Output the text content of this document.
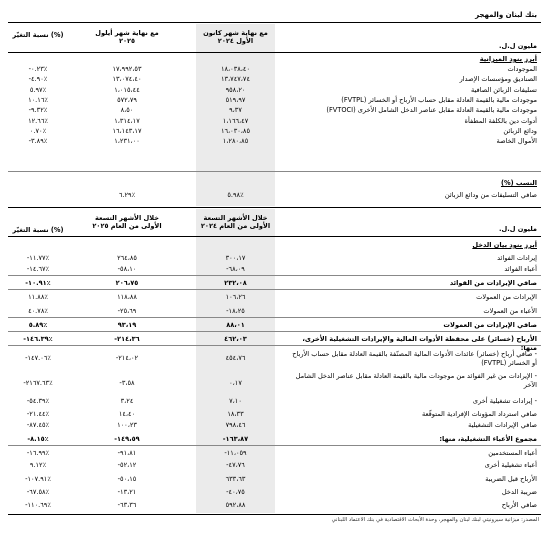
بنك لبنان والمهجر
المصدر: ميزانية سيرونيتي لبنك لبنان والمهجر، وحدة الأبحاث الاقتصادية في بنك الاعتماد اللبناني
مليون ل.ل.
مع نهاية شهر كانون الأول ٢٠٢٤
مع نهاية شهر أيلول ٢٠٢٥
نسبة التغيّر (%)
أبرز بنود الميزانية
الموجودات
١٨،٠٣٨،٤٠
١٧،٩٩٢،٥٣
-٠.٢٣٪
الصناديق ومؤسسات الإصدار
١٣،٧٤٧،٧٤
١٣،٠٧٤،٤٠
-٤.٩٠٪
تسليفات الزبائن الصافية
٩٥٨،٢٠
١،٠١٥،٤٤
٥.٩٧٪
موجودات مالية بالقيمة العادلة مقابل حساب الأرباح أو الخسائر (FVTPL)
٥١٩،٩٧
٥٧٢،٧٩
١٠.١٦٪
موجودات مالية بالقيمة العادلة مقابل عناصر الدخل الشامل الأخرى (FVTOCI)
٩،٣٧
٨،٥٠
-٩.٣٢٪
أدوات دين بالكلفة المطفأة
١،١٦٦،٤٧
١،٣١٤،١٧
١٢.٦٦٪
ودائع الزبائن
١٦،٠٣٠،٨٥
١٦،١٤٣،١٧
٠.٧٠٪
الأموال الخاصة
١،٢٨٠،٨٥
١،٢٣١،٠٠
-٣.٨٩٪
النسب (%)
صافي التسليفات من ودائع الزبائن
٥.٩٨٪
٦.٢٩٪
مليون ل.ل.
خلال الأشهر التسعة الأولى من العام ٢٠٢٤
خلال الأشهر التسعة الأولى من العام ٢٠٢٥
نسبة التغيّر (%)
أبرز بنود بيان الدخل
إيرادات الفوائد
٣٠٠،١٧
٢٦٤،٨٥
-١١.٧٧٪
أعباء الفوائد
-٦٨،٠٩
-٥٨،١٠
-١٤.٦٧٪
صافي الإيرادات من الفوائد
٢٣٢،٠٨
٢٠٦،٧٥
-١٠.٩١٪
الإيرادات من العمولات
١٠٦،٢٦
١١٨،٨٨
١١.٨٨٪
الأعباء من العمولات
-١٨،٢٥
-٢٥،٦٩
٤٠.٧٨٪
صافي الإيرادات من العمولات
٨٨،٠١
٩٣،١٩
٥.٨٩٪
الأرباح (خسائر) على محفظة الأدوات المالية والإيرادات التشغيلية الأخرى، منها:
٤٦٢،٠٣
-٢١٤،٣٦
-١٤٦.٣٩٪
- صافي أرباح (خسائر) عائدات الأدوات المالية المصنّفة بالقيمة العادلة مقابل حساب الأرباح أو الخسائر (FVTPL)
٤٥٤،٧٦
-٢١٤،٠٢
-١٤٧.٠٦٪
- الإيرادات من غير الفوائد من موجودات مالية بالقيمة العادلة مقابل عناصر الدخل الشامل الآخر
٠،١٧
-٣،٥٨
-٢١٦٧.٦٣٪
- إيرادات تشغيلية أخرى
٧،١٠
٣،٢٤
-٥٤.٣٩٪
صافي استرداد المؤونات الإفرادية المتوقّعة
١٨،٣٣
١٤،٤٠
-٢١.٤٤٪
صافي الإيرادات التشغيلية
٧٩٨،٤٦
١٠٠،٢٣
-٨٧.٤٥٪
مجموع الأعباء التشغيلية، منها:
-١٦٣،٨٧
-١٤٩،٥٩
-٨.١٥٪
أعباء المستخدمين
-١١،٠٥٩
-٩١،٨١
-١٦.٩٩٪
أعباء تشغيلية أخرى
-٤٧،٧٦
-٥٢،١٢
٩.١٢٪
الأرباح قبل الضريبة
٦٣٣،٦٣
-٥٠،١٥
-١٠٧.٩١٪
ضريبة الدخل
-٤٠،٧٥
-١٣،٢١
-٦٧.٥٨٪
صافي الأرباح
٥٩٢،٨٨
-٦٣،٣٦
-١١٠.٦٩٪
